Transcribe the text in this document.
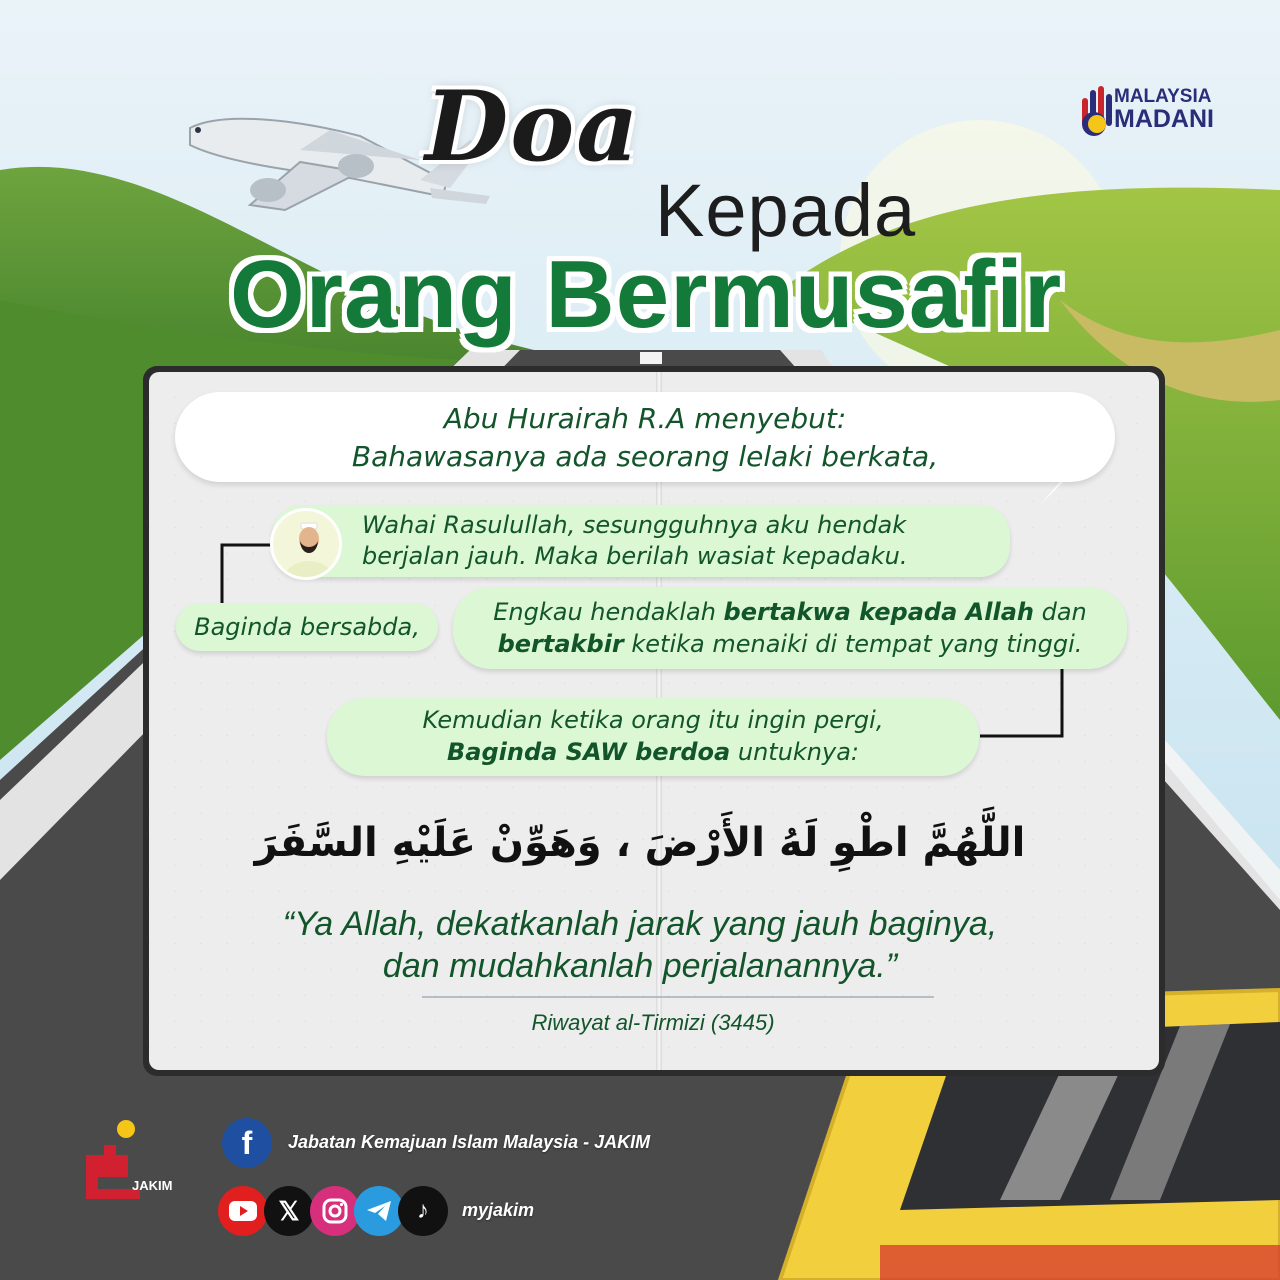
Doa
Kepada
Orang Bermusafir
MALAYSIA
MADANI
Abu Hurairah R.A menyebut:
Bahawasanya ada seorang lelaki berkata,
Wahai Rasulullah, sesungguhnya aku hendak
berjalan jauh. Maka berilah wasiat kepadaku.
Baginda bersabda,
Engkau hendaklah bertakwa kepada Allah dan
bertakbir ketika menaiki di tempat yang tinggi.
Kemudian ketika orang itu ingin pergi,
Baginda SAW berdoa untuknya:
اللَّهُمَّ اطْوِ لَهُ الأَرْضَ ، وَهَوِّنْ عَلَيْهِ السَّفَرَ
“Ya Allah, dekatkanlah jarak yang jauh baginya,
dan mudahkanlah perjalanannya.”
Riwayat al-Tirmizi (3445)
JAKIM
f	Jabatan Kemajuan Islam Malaysia - JAKIM
𝕏	♪	myjakim
